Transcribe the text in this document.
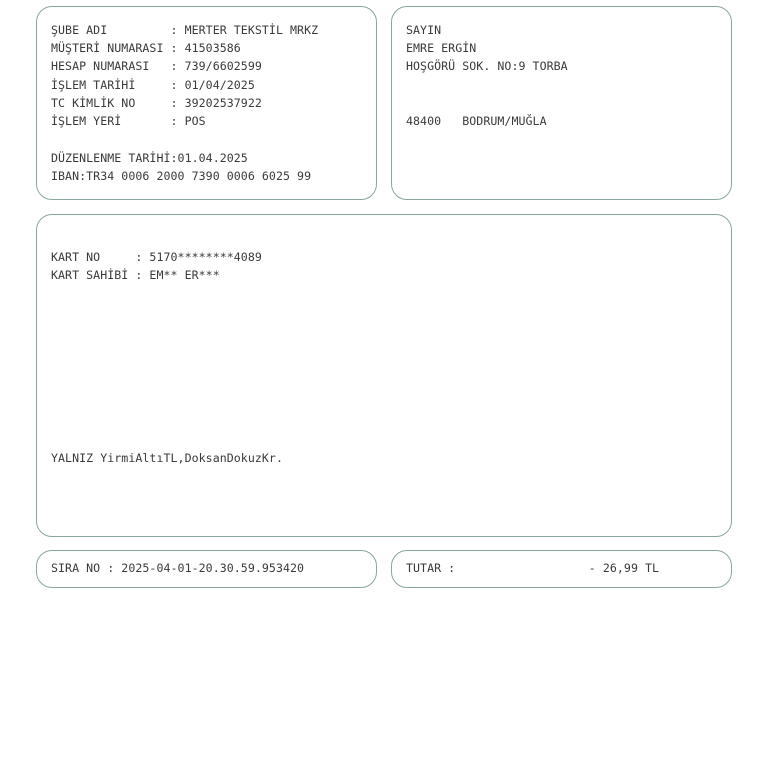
ŞUBE ADI         : MERTER TEKSTİL MRKZ
MÜŞTERİ NUMARASI : 41503586
HESAP NUMARASI   : 739/6602599
İŞLEM TARİHİ     : 01/04/2025
TC KİMLİK NO     : 39202537922
İŞLEM YERİ       : POS
DÜZENLENME TARİHİ:01.04.2025
IBAN:TR34 0006 2000 7390 0006 6025 99
SAYIN
EMRE ERGİN
HOŞGÖRÜ SOK. NO:9 TORBA
48400   BODRUM/MUĞLA
KART NO     : 5170********4089
KART SAHİBİ : EM** ER***
YALNIZ YirmiAltıTL,DoksanDokuzKr.
SIRA NO : 2025-04-01-20.30.59.953420	TUTAR :                   - 26,99 TL
